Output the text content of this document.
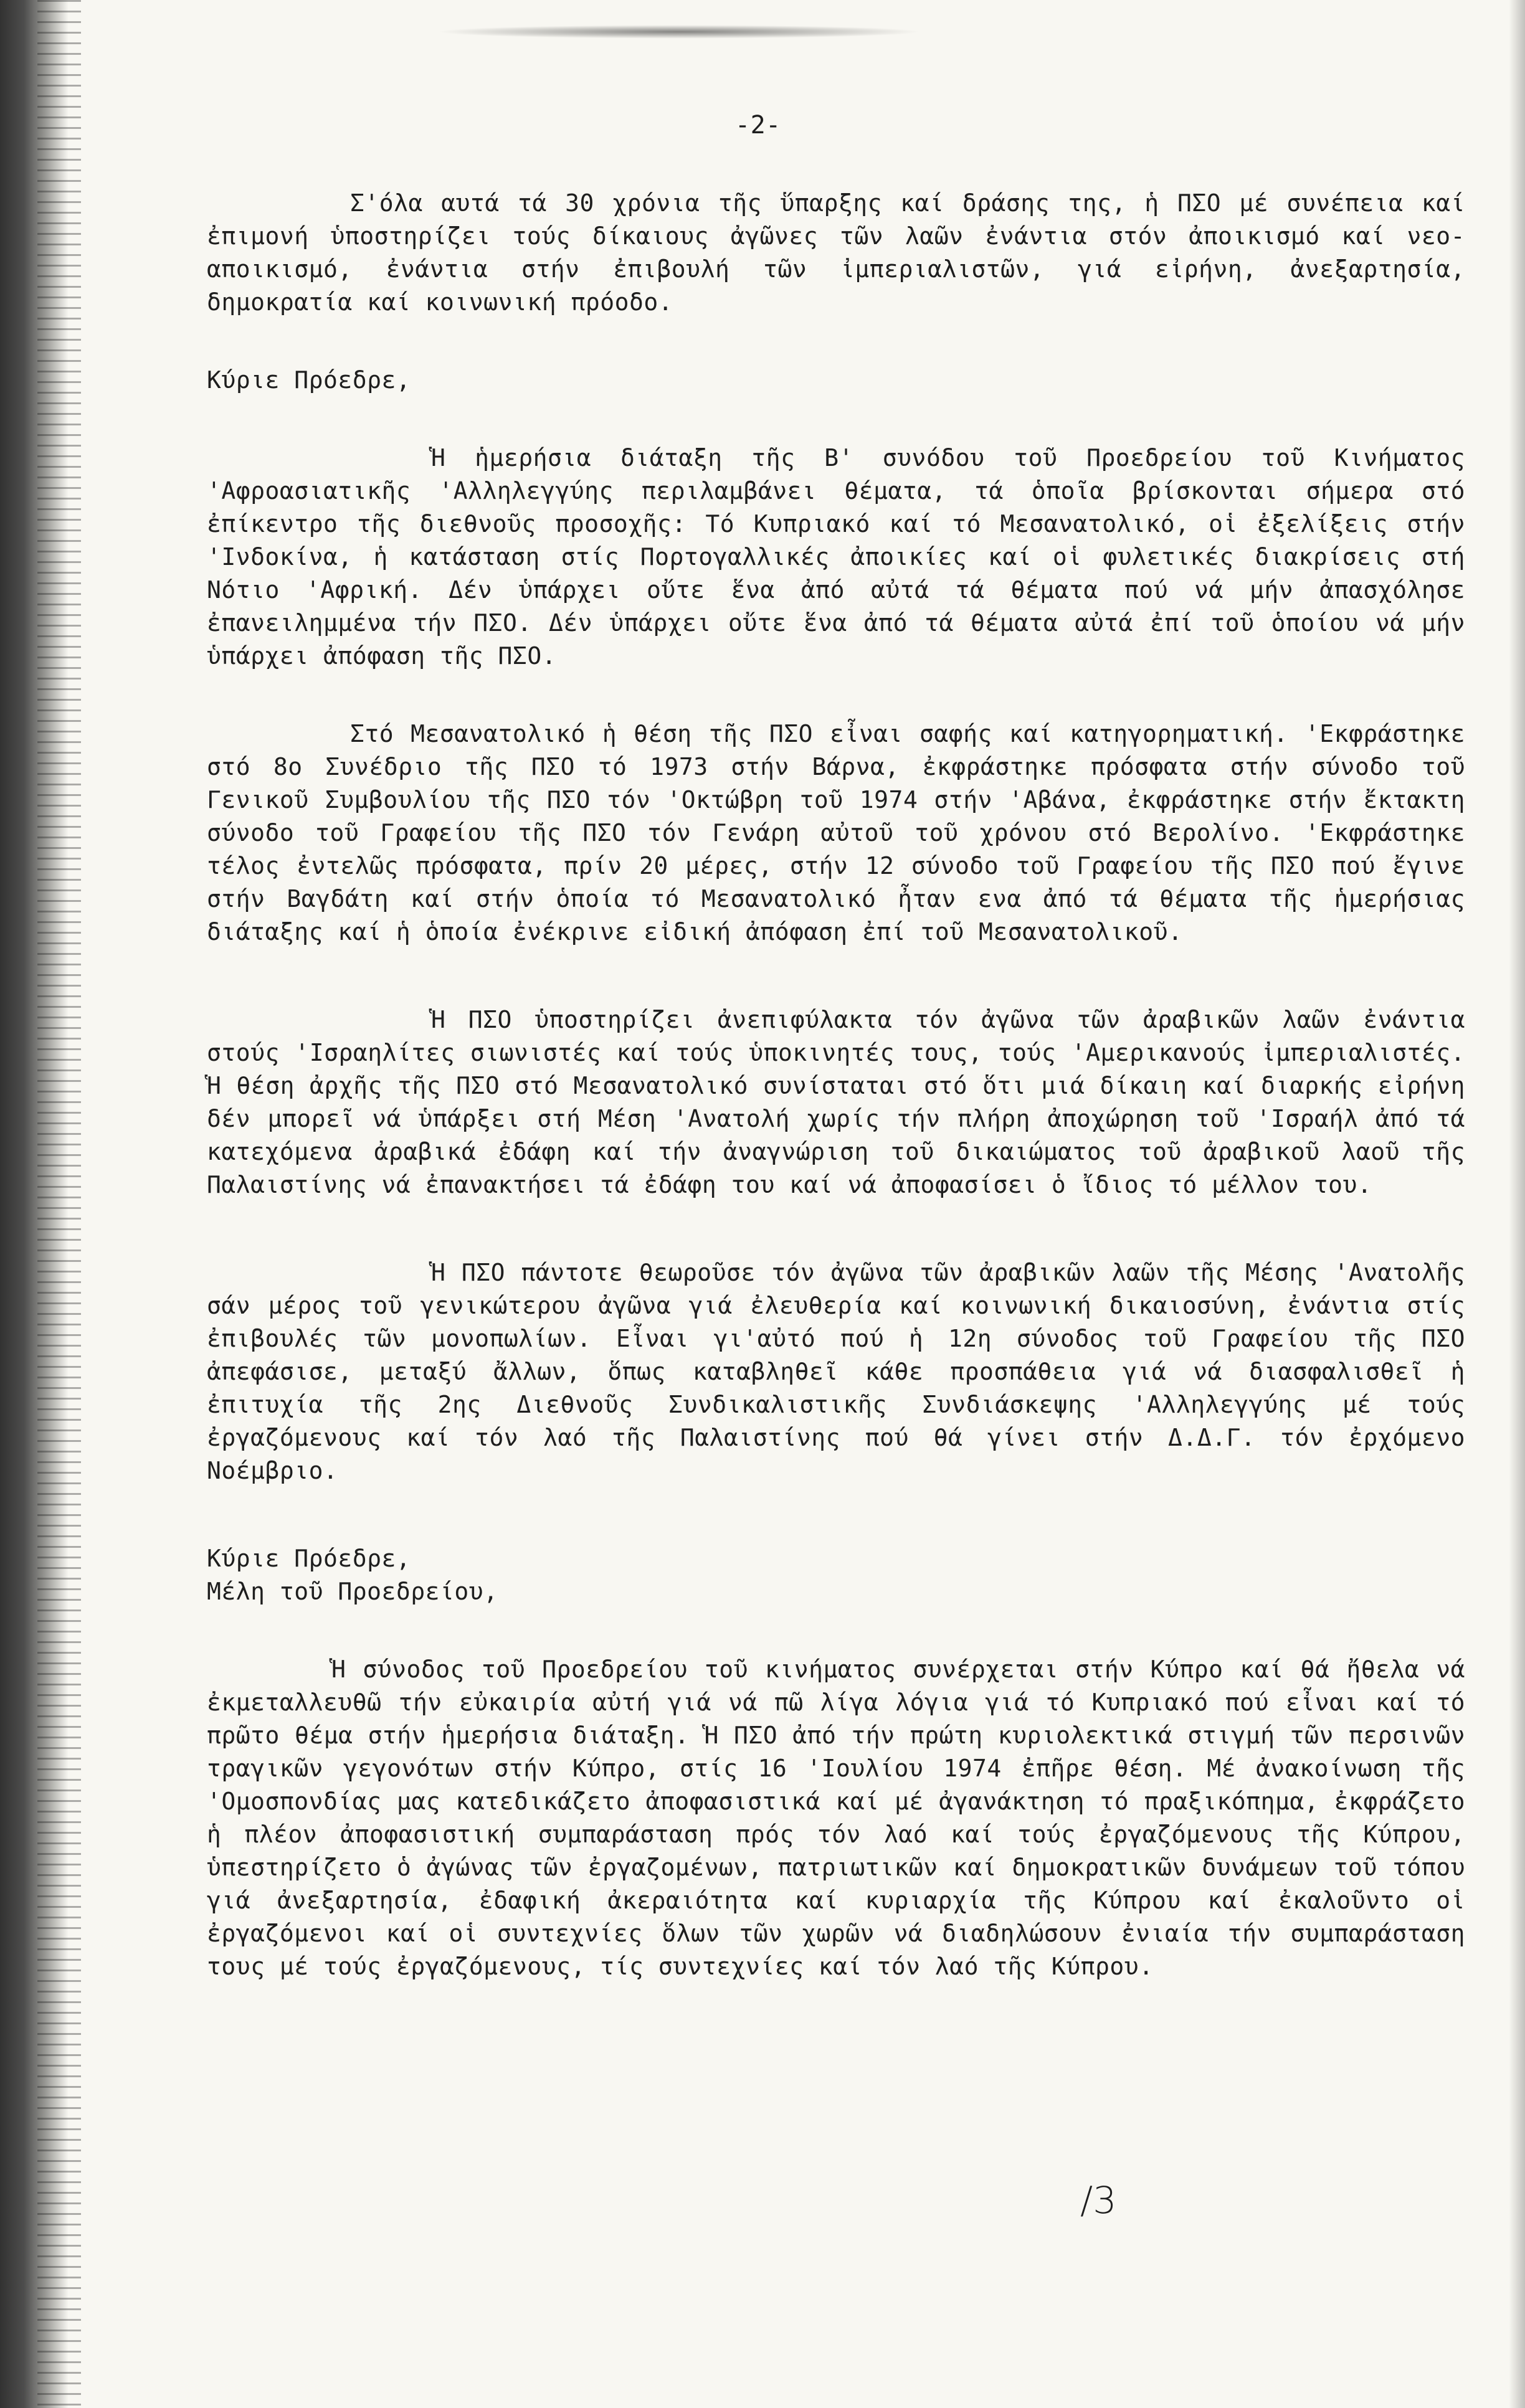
-2-

Σ'όλα αυτά τά 30 χρόνια τῆς ὕπαρξης καί δράσης της, ἡ ΠΣΟ μέ συνέπεια καί ἐπιμονή ὑποστηρίζει τούς δίκαιους ἀγῶνες τῶν λαῶν ἐνάντια στόν ἀποικισμό καί νεο-αποικισμό, ἐνάντια στήν ἐπιβουλή τῶν ἰμπεριαλιστῶν, γιά εἰρήνη, ἀνεξαρτησία, δημοκρατία καί κοινωνική πρόοδο.

Κύριε Πρόεδρε,

Ἡ ἡμερήσια διάταξη τῆς Β' συνόδου τοῦ Προεδρείου τοῦ Κινήματος 'Αφροασιατικῆς 'Αλληλεγγύης περιλαμβάνει θέματα, τά ὁποῖα βρίσκονται σήμερα στό ἐπίκεντρο τῆς διεθνοῦς προσοχῆς: Τό Κυπριακό καί τό Μεσανατολικό, οἱ ἐξελίξεις στήν 'Ινδοκίνα, ἡ κατάσταση στίς Πορτογαλλικές ἀποικίες καί οἱ φυλετικές διακρίσεις στή Νότιο 'Αφρική. Δέν ὑπάρχει οὔτε ἕνα ἀπό αὐτά τά θέματα πού νά μήν ἀπασχόλησε ἐπανειλημμένα τήν ΠΣΟ. Δέν ὑπάρχει οὔτε ἕνα ἀπό τά θέματα αὐτά ἐπί τοῦ ὁποίου νά μήν ὑπάρχει ἀπόφαση τῆς ΠΣΟ.

Στό Μεσανατολικό ἡ θέση τῆς ΠΣΟ εἶναι σαφής καί κατηγορηματική. 'Εκφράστηκε στό 8ο Συνέδριο τῆς ΠΣΟ τό 1973 στήν Βάρνα, ἐκφράστηκε πρόσφατα στήν σύνοδο τοῦ Γενικοῦ Συμβουλίου τῆς ΠΣΟ τόν 'Οκτώβρη τοῦ 1974 στήν 'Αβάνα, ἐκφράστηκε στήν ἔκτακτη σύνοδο τοῦ Γραφείου τῆς ΠΣΟ τόν Γενάρη αὐτοῦ τοῦ χρόνου στό Βερολίνο. 'Εκφράστηκε τέλος ἐντελῶς πρόσφατα, πρίν 20 μέρες, στήν 12 σύνοδο τοῦ Γραφείου τῆς ΠΣΟ πού ἔγινε στήν Βαγδάτη καί στήν ὁποία τό Μεσανατολικό ἦταν ενα ἀπό τά θέματα τῆς ἡμερήσιας διάταξης καί ἡ ὁποία ἐνέκρινε εἰδική ἀπόφαση ἐπί τοῦ Μεσανατολικοῦ.

Ἡ ΠΣΟ ὑποστηρίζει ἀνεπιφύλακτα τόν ἀγῶνα τῶν ἀραβικῶν λαῶν ἐνάντια στούς 'Ισραηλίτες σιωνιστές καί τούς ὑποκινητές τους, τούς 'Αμερικανούς ἰμπεριαλιστές. Ἡ θέση ἀρχῆς τῆς ΠΣΟ στό Μεσανατολικό συνίσταται στό ὅτι μιά δίκαιη καί διαρκής εἰρήνη δέν μπορεῖ νά ὑπάρξει στή Μέση 'Ανατολή χωρίς τήν πλήρη ἀποχώρηση τοῦ 'Ισραήλ ἀπό τά κατεχόμενα ἀραβικά ἐδάφη καί τήν ἀναγνώριση τοῦ δικαιώματος τοῦ ἀραβικοῦ λαοῦ τῆς Παλαιστίνης νά ἐπανακτήσει τά ἐδάφη του καί νά ἀποφασίσει ὁ ἴδιος τό μέλλον του.

Ἡ ΠΣΟ πάντοτε θεωροῦσε τόν ἀγῶνα τῶν ἀραβικῶν λαῶν τῆς Μέσης 'Ανατολῆς σάν μέρος τοῦ γενικώτερου ἀγῶνα γιά ἐλευθερία καί κοινωνική δικαιοσύνη, ἐνάντια στίς ἐπιβουλές τῶν μονοπωλίων. Εἶναι γι'αὐτό πού ἡ 12η σύνοδος τοῦ Γραφείου τῆς ΠΣΟ ἀπεφάσισε, μεταξύ ἄλλων, ὅπως καταβληθεῖ κάθε προσπάθεια γιά νά διασφαλισθεῖ ἡ ἐπιτυχία τῆς 2ης Διεθνοῦς Συνδικαλιστικῆς Συνδιάσκεψης 'Αλληλεγγύης μέ τούς ἐργαζόμενους καί τόν λαό τῆς Παλαιστίνης πού θά γίνει στήν Δ.Δ.Γ. τόν ἐρχόμενο Νοέμβριο.

Κύριε Πρόεδρε,

Μέλη τοῦ Προεδρείου,

Ἡ σύνοδος τοῦ Προεδρείου τοῦ κινήματος συνέρχεται στήν Κύπρο καί θά ἤθελα νά ἐκμεταλλευθῶ τήν εὐκαιρία αὐτή γιά νά πῶ λίγα λόγια γιά τό Κυπριακό πού εἶναι καί τό πρῶτο θέμα στήν ἡμερήσια διάταξη. Ἡ ΠΣΟ ἀπό τήν πρώτη κυριολεκτικά στιγμή τῶν περσινῶν τραγικῶν γεγονότων στήν Κύπρο, στίς 16 'Ιουλίου 1974 ἐπῆρε θέση. Μέ ἀνακοίνωση τῆς 'Ομοσπονδίας μας κατεδικάζετο ἀποφασιστικά καί μέ ἀγανάκτηση τό πραξικόπημα, ἐκφράζετο ἡ πλέον ἀποφασιστική συμπαράσταση πρός τόν λαό καί τούς ἐργαζόμενους τῆς Κύπρου, ὑπεστηρίζετο ὁ ἀγώνας τῶν ἐργαζομένων, πατριωτικῶν καί δημοκρατικῶν δυνάμεων τοῦ τόπου γιά ἀνεξαρτησία, ἐδαφική ἀκεραιότητα καί κυριαρχία τῆς Κύπρου καί ἐκαλοῦντο οἱ ἐργαζόμενοι καί οἱ συντεχνίες ὅλων τῶν χωρῶν νά διαδηλώσουν ἐνιαία τήν συμπαράσταση τους μέ τούς ἐργαζόμενους, τίς συντεχνίες καί τόν λαό τῆς Κύπρου.

/3
